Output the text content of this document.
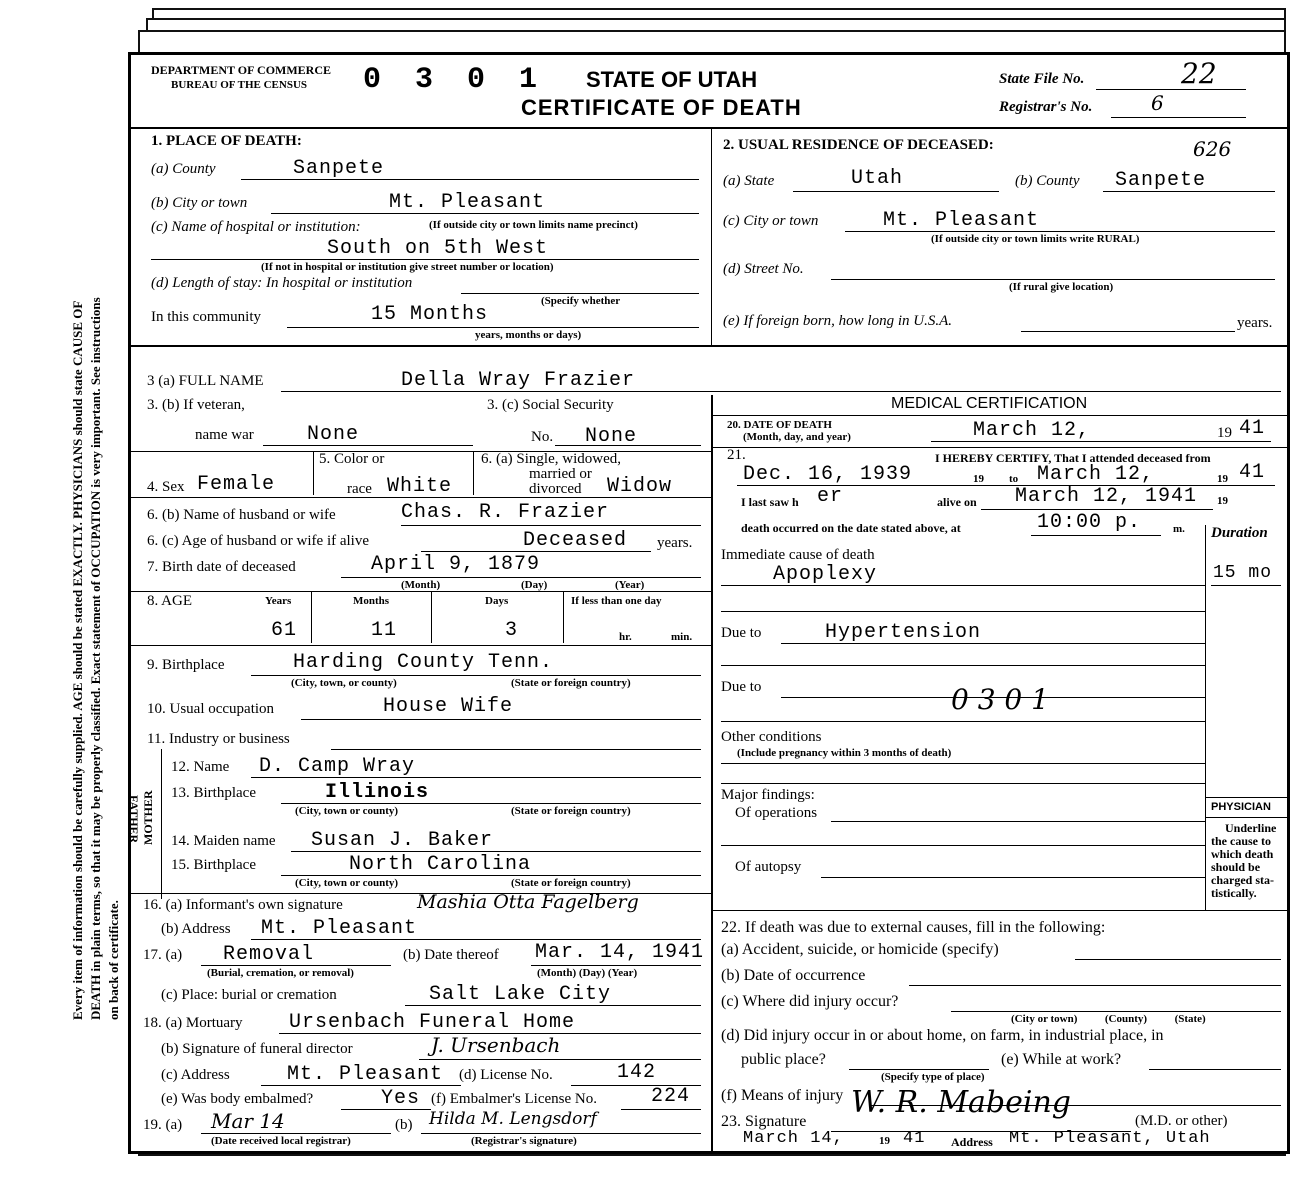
Every item of information should be carefully supplied. AGE should be stated EXACTLY. PHYSICIANS should state CAUSE OF DEATH in plain terms, so that it may be properly classified. Exact statement of OCCUPATION is very important. See instructions on back of certificate.
DEPARTMENT OF COMMERCE
BUREAU OF THE CENSUS 0 3 0 1 STATE OF UTAH
CERTIFICATE OF DEATH
State File No.	22
Registrar's No.	6
1. PLACE OF DEATH:
(a) County	Sanpete
(b) City or town	Mt. Pleasant
(c) Name of hospital or institution:	(If outside city or town limits name precinct)
South on 5th West
(If not in hospital or institution give street number or location)
(d) Length of stay: In hospital or institution
(Specify whether
In this community	15 Months
years, months or days)
2. USUAL RESIDENCE OF DECEASED:	626
(a) State	Utah	(b) County Sanpete
(c) City or town	Mt. Pleasant
(If outside city or town limits write RURAL)
(d) Street No.
(If rural give location)
(e) If foreign born, how long in U.S.A.	years.
3 (a) FULL NAME	Della Wray Frazier
3. (b) If veteran,
name war	None
3. (c) Social Security
No. None
4. Sex Female
5. Color or
race White
6. (a) Single, widowed,
married or
divorced Widow
6. (b) Name of husband or wife	Chas. R. Frazier
6. (c) Age of husband or wife if alive	Deceased years.
7. Birth date of deceased	April 9, 1879
(Month)	(Day)	(Year)
8. AGE	Years	Months	Days	If less than one day
61	11	3	hr.	min.
9. Birthplace	Harding County Tenn.
(City, town, or county)	(State or foreign country)
10. Usual occupation	House Wife
11. Industry or business
FATHER MOTHER
12. Name D. Camp Wray
13. Birthplace	Illinois
(City, town or county)	(State or foreign country)
14. Maiden name Susan J. Baker
15. Birthplace	North Carolina
(City, town or county)	(State or foreign country)
16. (a) Informant's own signature	Mashia Otta Fagelberg
(b) Address Mt. Pleasant
17. (a) Removal
(Burial, cremation, or removal)
(b) Date thereof Mar. 14, 1941
(Month) (Day) (Year)
(c) Place: burial or cremation	Salt Lake City
18. (a) Mortuary Ursenbach Funeral Home
(b) Signature of funeral director	J. Ursenbach
(c) Address	Mt. Pleasant (d) License No.	142
(e) Was body embalmed?	Yes (f) Embalmer's License No.	224
19. (a) Mar 14
(Date received local registrar)
(b) Hilda M. Lengsdorf
(Registrar's signature)
MEDICAL CERTIFICATION
20. DATE OF DEATH
(Month, day, and year)	March 12,	19 41
21.	I HEREBY CERTIFY, That I attended deceased from
Dec. 16, 1939	19 to March 12,	19 41
I last saw h er	alive on March 12, 1941 19
death occurred on the date stated above, at	10:00 p.	m. Duration
Immediate cause of death
Apoplexy	15 mo
Due to	Hypertension
Due to	0 3 0 1
Other conditions
(Include pregnancy within 3 months of death)
Major findings:
Of operations
Of autopsy
PHYSICIAN
Underline
the cause to
which death
should be
charged sta-
tistically.
22. If death was due to external causes, fill in the following:
(a) Accident, suicide, or homicide (specify)
(b) Date of occurrence
(c) Where did injury occur?
(City or town)          (County)          (State)
(d) Did injury occur in or about home, on farm, in industrial place, in
public place?
(Specify type of place)
(e) While at work?
(f) Means of injury
23. Signature
W. R. Mabeing
(M.D. or other)
March 14,	19 41 Address Mt. Pleasant, Utah
